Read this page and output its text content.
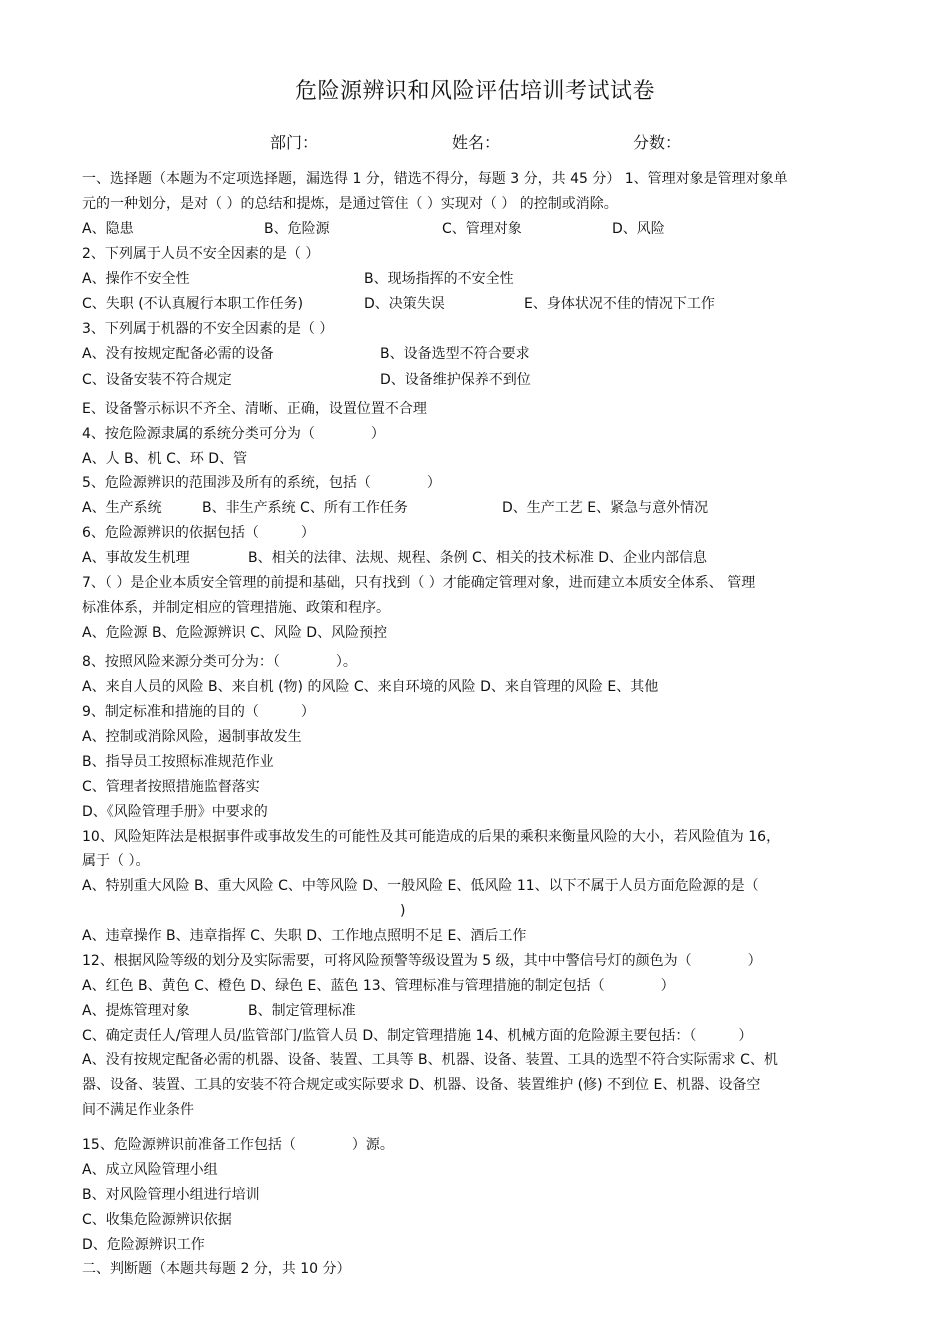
危险源辨识和风险评估培训考试试卷
部门：	姓名：	分数：
一、选择题（本题为不定项选择题，漏选得 1 分，错选不得分，每题 3 分，共 45 分） 1、管理对象是管理对象单
元的一种划分，是对（ ）的总结和提炼，是通过管住（ ）实现对（ ） 的控制或消除。
A、隐患	B、危险源	C、管理对象	D、风险
2、下列属于人员不安全因素的是（ ）
A、操作不安全性	B、现场指挥的不安全性
C、失职 (不认真履行本职工作任务)	D、决策失误	E、身体状况不佳的情况下工作
3、下列属于机器的不安全因素的是（ ）
A、没有按规定配备必需的设备	B、设备选型不符合要求
C、设备安装不符合规定	D、设备维护保养不到位
E、设备警示标识不齐全、清晰、正确，设置位置不合理
4、按危险源隶属的系统分类可分为（　　　　）
A、人 B、机 C、环 D、管
5、危险源辨识的范围涉及所有的系统，包括（　　　　）
A、生产系统	B、非生产系统 C、所有工作任务	D、生产工艺 E、紧急与意外情况
6、危险源辨识的依据包括（　　　）
A、事故发生机理	B、相关的法律、法规、规程、条例 C、相关的技术标准 D、企业内部信息
7、（ ）是企业本质安全管理的前提和基础，只有找到（ ）才能确定管理对象，进而建立本质安全体系、 管理
标准体系，并制定相应的管理措施、政策和程序。
A、危险源 B、危险源辨识 C、风险 D、风险预控
8、按照风险来源分类可分为：（　　　　）。
A、来自人员的风险 B、来自机 (物) 的风险 C、来自环境的风险 D、来自管理的风险 E、其他
9、制定标准和措施的目的（　　　）
A、控制或消除风险，遏制事故发生
B、指导员工按照标准规范作业
C、管理者按照措施监督落实
D、《风险管理手册》中要求的
10、风险矩阵法是根据事件或事故发生的可能性及其可能造成的后果的乘积来衡量风险的大小，若风险值为 16，
属于（ ）。
A、特别重大风险 B、重大风险 C、中等风险 D、一般风险 E、低风险 11、以下不属于人员方面危险源的是（
)
A、违章操作 B、违章指挥 C、失职 D、工作地点照明不足 E、酒后工作
12、根据风险等级的划分及实际需要，可将风险预警等级设置为 5 级，其中中警信号灯的颜色为（　　　　）
A、红色 B、黄色 C、橙色 D、绿色 E、蓝色 13、管理标准与管理措施的制定包括（　　　　）
A、提炼管理对象	B、制定管理标准
C、确定责任人/管理人员/监管部门/监管人员 D、制定管理措施 14、机械方面的危险源主要包括：（　　　）
A、没有按规定配备必需的机器、设备、装置、工具等 B、机器、设备、装置、工具的选型不符合实际需求 C、机
器、设备、装置、工具的安装不符合规定或实际要求 D、机器、设备、装置维护 (修) 不到位 E、机器、设备空
间不满足作业条件
15、危险源辨识前准备工作包括（　　　　）源。
A、成立风险管理小组
B、对风险管理小组进行培训
C、收集危险源辨识依据
D、危险源辨识工作
二、判断题（本题共每题 2 分，共 10 分）
